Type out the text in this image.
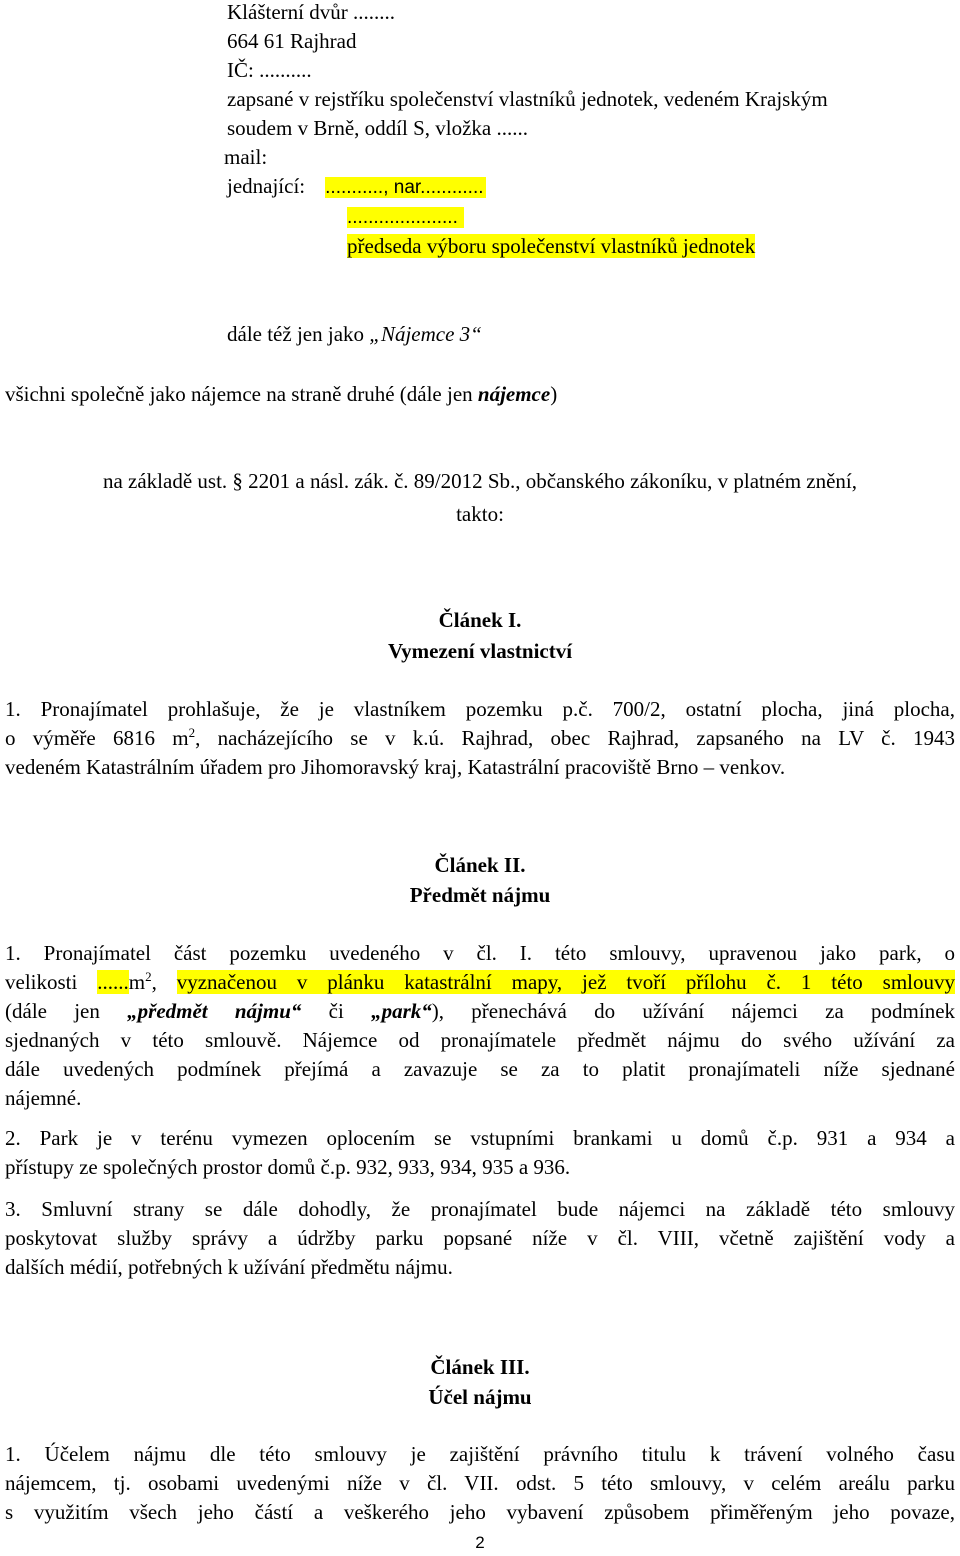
Klášterní dvůr ........
664 61 Rajhrad
IČ: ..........
zapsané v rejstříku společenství vlastníků jednotek, vedeném Krajským
soudem v Brně, oddíl S, vložka ......
mail:
jednající: ..........., nar............
.....................
předseda výboru společenství vlastníků jednotek
dále též jen jako „Nájemce 3“
všichni společně jako nájemce na straně druhé (dále jen nájemce)
na základě ust. § 2201 a násl. zák. č. 89/2012 Sb., občanského zákoníku, v platném znění,
takto:
Článek I.
Vymezení vlastnictví
1. Pronajímatel prohlašuje, že je vlastníkem pozemku p.č. 700/2, ostatní plocha, jiná plocha,
o výměře 6816 $m^2$, nacházejícího se v k.ú. Rajhrad, obec Rajhrad, zapsaného na LV č. 1943
vedeném Katastrálním úřadem pro Jihomoravský kraj, Katastrální pracoviště Brno – venkov.
Článek II.
Předmět nájmu
1. Pronajímatel část pozemku uvedeného v čl. I. této smlouvy, upravenou jako park, o
velikosti $......m^2$, vyznačenou v plánku katastrální mapy, jež tvoří přílohu č. 1 této smlouvy
(dále jen „předmět nájmu“ či „park“), přenechává do užívání nájemci za podmínek
sjednaných v této smlouvě. Nájemce od pronajímatele předmět nájmu do svého užívání za
dále uvedených podmínek přejímá a zavazuje se za to platit pronajímateli níže sjednané
nájemné.
2. Park je v terénu vymezen oplocením se vstupními brankami u domů č.p. 931 a 934 a
přístupy ze společných prostor domů č.p. 932, 933, 934, 935 a 936.
3. Smluvní strany se dále dohodly, že pronajímatel bude nájemci na základě této smlouvy
poskytovat služby správy a údržby parku popsané níže v čl. VIII, včetně zajištění vody a
dalších médií, potřebných k užívání předmětu nájmu.
Článek III.
Účel nájmu
1. Účelem nájmu dle této smlouvy je zajištění právního titulu k trávení volného času
nájemcem, tj. osobami uvedenými níže v čl. VII. odst. 5 této smlouvy, v celém areálu parku
s využitím všech jeho částí a veškerého jeho vybavení způsobem přiměřeným jeho povaze,
2
